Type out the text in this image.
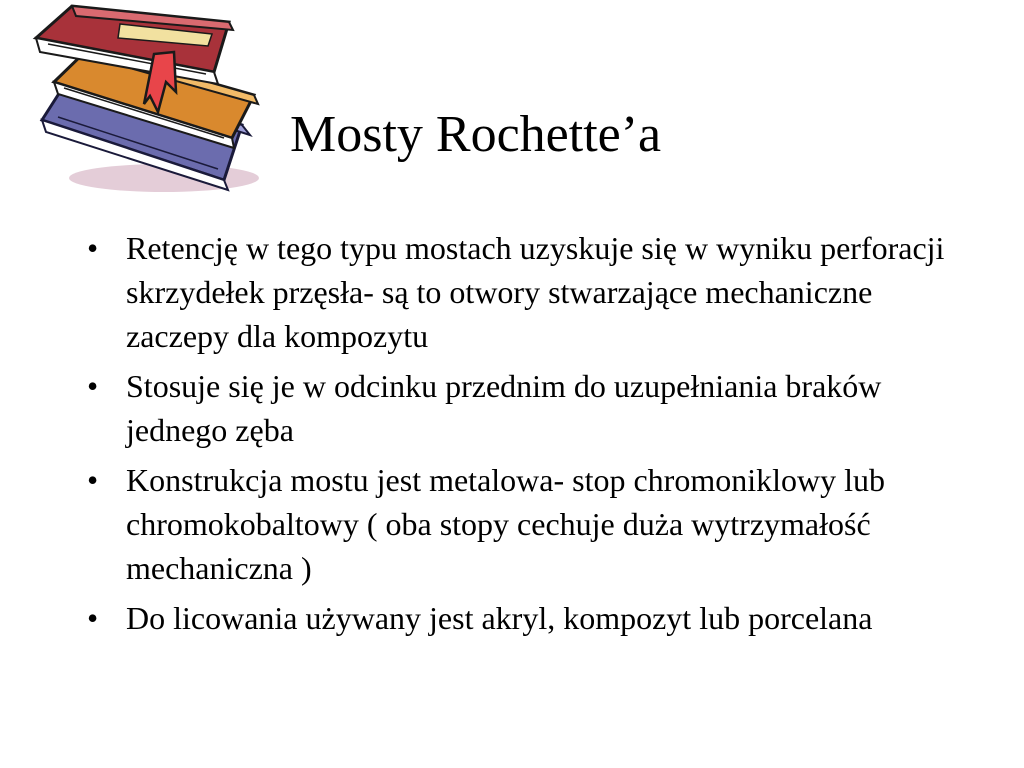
Mosty Rochette’a
• Retencję w tego typu mostach uzyskuje się w wyniku perforacji skrzydełek przęsła- są to otwory stwarzające mechaniczne zaczepy dla kompozytu
• Stosuje się je w odcinku przednim do uzupełniania braków jednego zęba
• Konstrukcja mostu jest metalowa- stop chromoniklowy lub chromokobaltowy ( oba stopy cechuje duża wytrzymałość mechaniczna )
• Do licowania używany jest akryl, kompozyt lub porcelana
